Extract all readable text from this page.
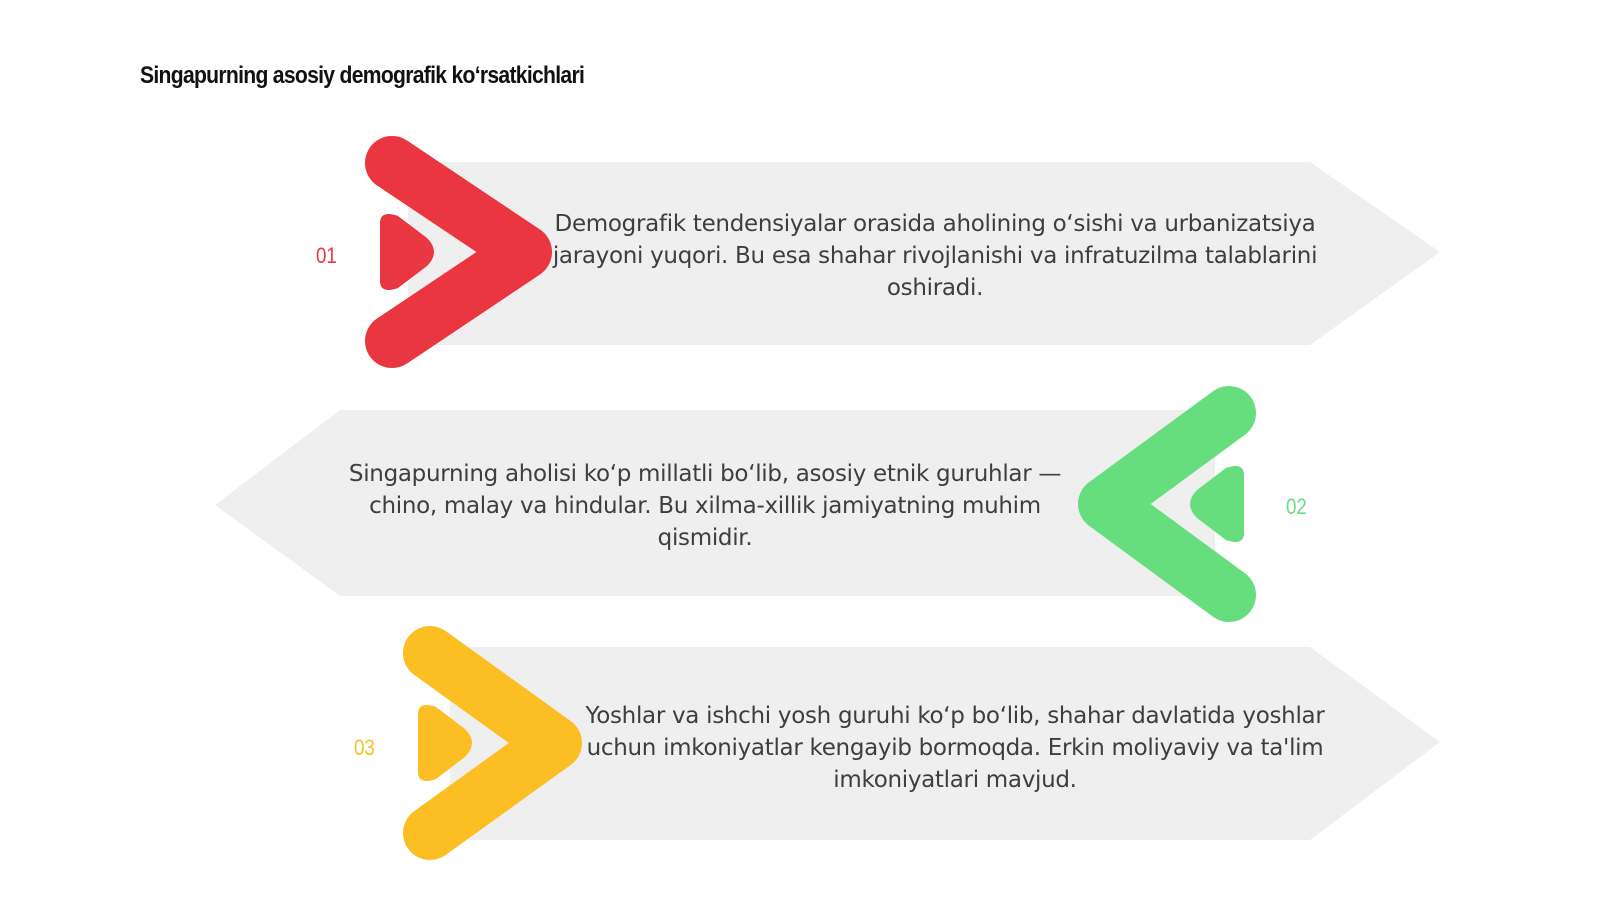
Singapurning asosiy demografik ko‘rsatkichlari
01
Demografik tendensiyalar orasida aholining o‘sishi va urbanizatsiya jarayoni yuqori. Bu esa shahar rivojlanishi va infratuzilma talablarini oshiradi.
02
Singapurning aholisi ko‘p millatli bo‘lib, asosiy etnik guruhlar — chino, malay va hindular. Bu xilma-xillik jamiyatning muhim qismidir.
03
Yoshlar va ishchi yosh guruhi ko‘p bo‘lib, shahar davlatida yoshlar uchun imkoniyatlar kengayib bormoqda. Erkin moliyaviy va ta'lim imkoniyatlari mavjud.
